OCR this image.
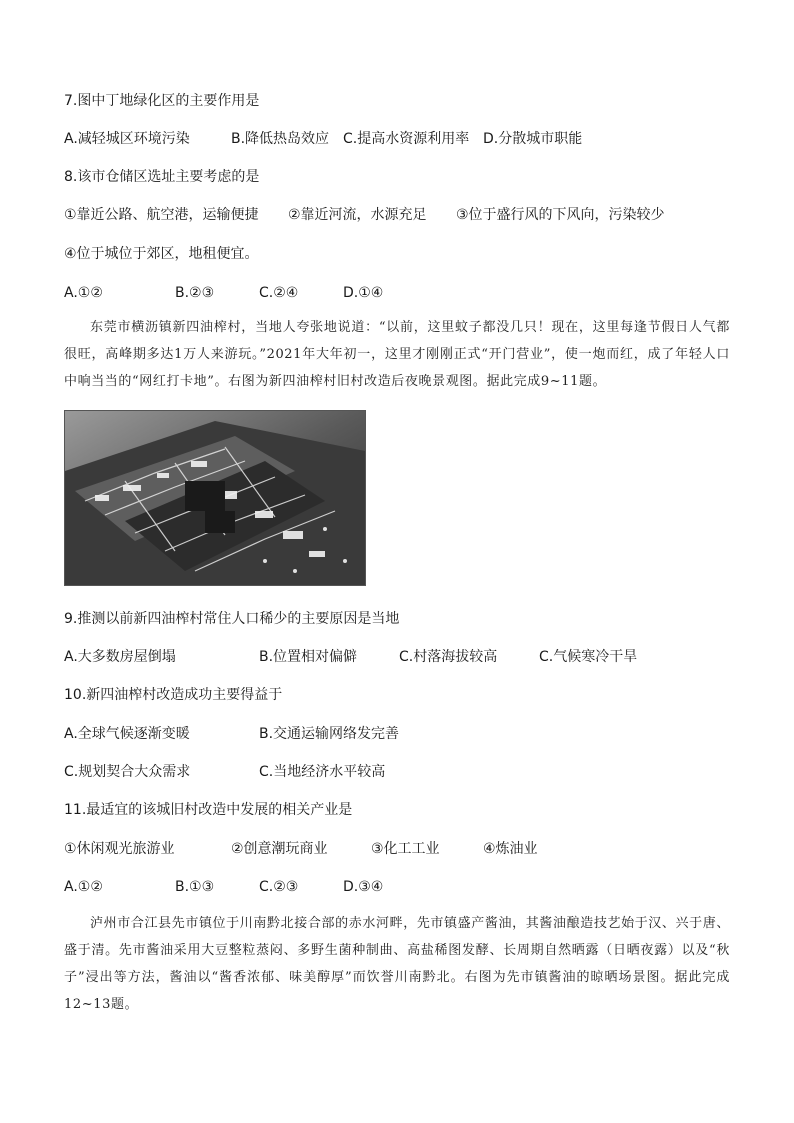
7.图中丁地绿化区的主要作用是
A.减轻城区环境污染	B.降低热岛效应 C.提高水资源利用率 D.分散城市职能
8.该市仓储区选址主要考虑的是
①靠近公路、航空港，运输便捷 ②靠近河流，水源充足 ③位于盛行风的下风向，污染较少
④位于城位于郊区，地租便宜。
A.①②	B.②③	C.②④	D.①④
东莞市横沥镇新四油榨村，当地人夸张地说道：“以前，这里蚊子都没几只！现在，这里每逢节假日人气都很旺，高峰期多达1万人来游玩。”2021年大年初一，这里才刚刚正式“开门营业”，使一炮而红，成了年轻人口中响当当的“网红打卡地”。右图为新四油榨村旧村改造后夜晚景观图。据此完成9~11题。
9.推测以前新四油榨村常住人口稀少的主要原因是当地
A.大多数房屋倒塌	B.位置相对偏僻	C.村落海拔较高	C.气候寒冷干旱
10.新四油榨村改造成功主要得益于
A.全球气候逐渐变暖	B.交通运输网络发完善
C.规划契合大众需求	C.当地经济水平较高
11.最适宜的该城旧村改造中发展的相关产业是
①休闲观光旅游业	②创意潮玩商业	③化工工业	④炼油业
A.①②	B.①③	C.②③	D.③④
泸州市合江县先市镇位于川南黔北接合部的赤水河畔，先市镇盛产酱油，其酱油酿造技艺始于汉、兴于唐、盛于清。先市酱油采用大豆整粒蒸闷、多野生菌种制曲、高盐稀图发酵、长周期自然晒露（日晒夜露）以及“秋子”浸出等方法，酱油以“酱香浓郁、味美醇厚”而饮誉川南黔北。右图为先市镇酱油的晾晒场景图。据此完成12~13题。
